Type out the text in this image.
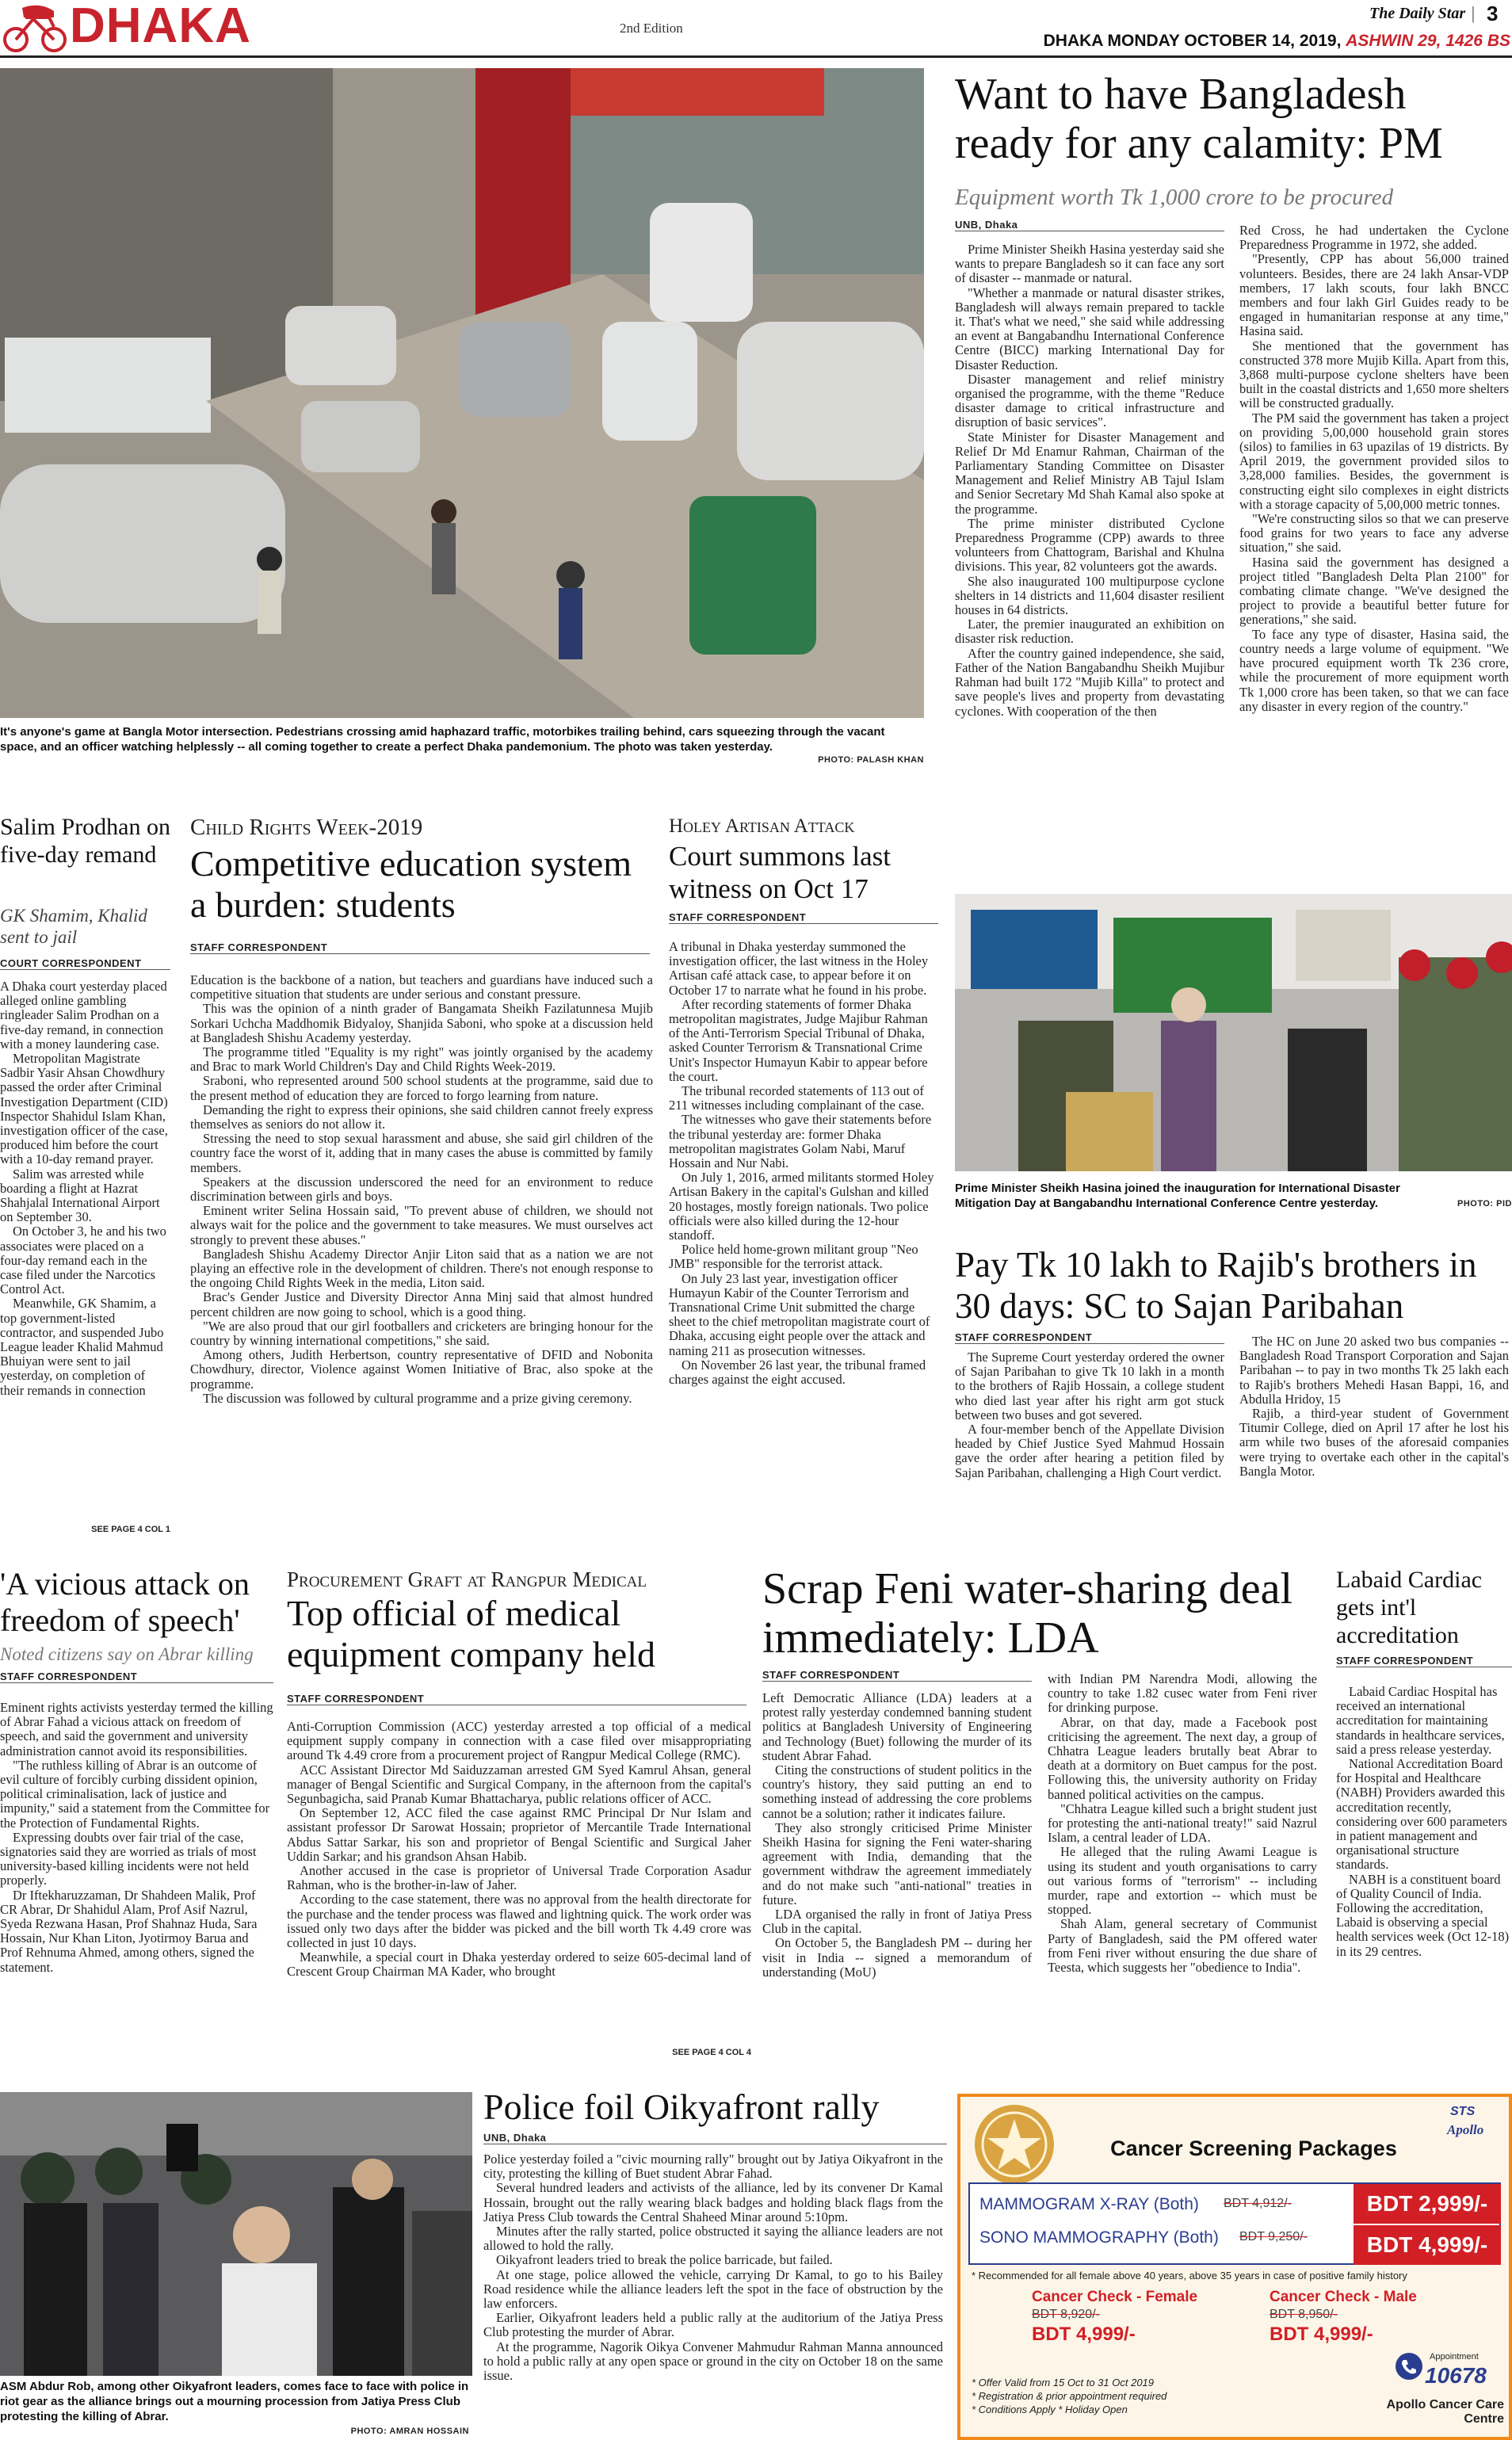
DHAKA	2nd Edition
The Daily Star | 3
DHAKA MONDAY OCTOBER 14, 2019, ASHWIN 29, 1426 BS
It's anyone's game at Bangla Motor intersection. Pedestrians crossing amid haphazard traffic, motorbikes trailing behind, cars squeezing through the vacant space, and an officer watching helplessly -- all coming together to create a perfect Dhaka pandemonium. The photo was taken yesterday.
PHOTO: PALASH KHAN
Want to have Bangladesh ready for any calamity: PM
Equipment worth Tk 1,000 crore to be procured
UNB, Dhaka

Prime Minister Sheikh Hasina yesterday said she wants to prepare Bangladesh so it can face any sort of disaster -- manmade or natural.

"Whether a manmade or natural disaster strikes, Bangladesh will always remain prepared to tackle it. That's what we need," she said while addressing an event at Bangabandhu International Conference Centre (BICC) marking International Day for Disaster Reduction.

Disaster management and relief ministry organised the programme, with the theme "Reduce disaster damage to critical infrastructure and disruption of basic services".

State Minister for Disaster Management and Relief Dr Md Enamur Rahman, Chairman of the Parliamentary Standing Committee on Disaster Management and Relief Ministry AB Tajul Islam and Senior Secretary Md Shah Kamal also spoke at the programme.

The prime minister distributed Cyclone Preparedness Programme (CPP) awards to three volunteers from Chattogram, Barishal and Khulna divisions. This year, 82 volunteers got the awards.

She also inaugurated 100 multipurpose cyclone shelters in 14 districts and 11,604 disaster resilient houses in 64 districts.

Later, the premier inaugurated an exhibition on disaster risk reduction.

After the country gained independence, she said, Father of the Nation Bangabandhu Sheikh Mujibur Rahman had built 172 "Mujib Killa" to protect and save people's lives and property from devastating cyclones. With cooperation of the then

Red Cross, he had undertaken the Cyclone Preparedness Programme in 1972, she added.

"Presently, CPP has about 56,000 trained volunteers. Besides, there are 24 lakh Ansar-VDP members, 17 lakh scouts, four lakh BNCC members and four lakh Girl Guides ready to be engaged in humanitarian response at any time," Hasina said.

She mentioned that the government has constructed 378 more Mujib Killa. Apart from this, 3,868 multi-purpose cyclone shelters have been built in the coastal districts and 1,650 more shelters will be constructed gradually.

The PM said the government has taken a project on providing 5,00,000 household grain stores (silos) to families in 63 upazilas of 19 districts. By April 2019, the government provided silos to 3,28,000 families. Besides, the government is constructing eight silo complexes in eight districts with a storage capacity of 5,00,000 metric tonnes.

"We're constructing silos so that we can preserve food grains for two years to face any adverse situation," she said.

Hasina said the government has designed a project titled "Bangladesh Delta Plan 2100" for combating climate change. "We've designed the project to provide a beautiful better future for generations," she said.

To face any type of disaster, Hasina said, the country needs a large volume of equipment. "We have procured equipment worth Tk 236 crore, while the procurement of more equipment worth Tk 1,000 crore has been taken, so that we can face any disaster in every region of the country."

Prime Minister Sheikh Hasina joined the inauguration for International Disaster Mitigation Day at Bangabandhu International Conference Centre yesterday.	PHOTO: PID
Pay Tk 10 lakh to Rajib's brothers in 30 days: SC to Sajan Paribahan
STAFF CORRESPONDENT

The Supreme Court yesterday ordered the owner of Sajan Paribahan to give Tk 10 lakh in a month to the brothers of Rajib Hossain, a college student who died last year after his right arm got stuck between two buses and got severed.

A four-member bench of the Appellate Division headed by Chief Justice Syed Mahmud Hossain gave the order after hearing a petition filed by Sajan Paribahan, challenging a High Court verdict.

The HC on June 20 asked two bus companies -- Bangladesh Road Transport Corporation and Sajan Paribahan -- to pay in two months Tk 25 lakh each to Rajib's brothers Mehedi Hasan Bappi, 16, and Abdulla Hridoy, 15

Rajib, a third-year student of Government Titumir College, died on April 17 after he lost his arm while two buses of the aforesaid companies were trying to overtake each other in the capital's Bangla Motor.

Salim Prodhan on five-day remand
GK Shamim, Khalid sent to jail
COURT CORRESPONDENT

A Dhaka court yesterday placed alleged online gambling ringleader Salim Prodhan on a five-day remand, in connection with a money laundering case.

Metropolitan Magistrate Sadbir Yasir Ahsan Chowdhury passed the order after Criminal Investigation Department (CID) Inspector Shahidul Islam Khan, investigation officer of the case, produced him before the court with a 10-day remand prayer.

Salim was arrested while boarding a flight at Hazrat Shahjalal International Airport on September 30.

On October 3, he and his two associates were placed on a four-day remand each in the case filed under the Narcotics Control Act.

Meanwhile, GK Shamim, a top government-listed contractor, and suspended Jubo League leader Khalid Mahmud Bhuiyan were sent to jail yesterday, on completion of their remands in connection

SEE PAGE 4 COL 1
Child Rights Week-2019
Competitive education system a burden: students
STAFF CORRESPONDENT

Education is the backbone of a nation, but teachers and guardians have induced such a competitive situation that students are under serious and constant pressure.

This was the opinion of a ninth grader of Bangamata Sheikh Fazilatunnesa Mujib Sorkari Uchcha Maddhomik Bidyaloy, Shanjida Saboni, who spoke at a discussion held at Bangladesh Shishu Academy yesterday.

The programme titled "Equality is my right" was jointly organised by the academy and Brac to mark World Children's Day and Child Rights Week-2019.

Sraboni, who represented around 500 school students at the programme, said due to the present method of education they are forced to forgo learning from nature.

Demanding the right to express their opinions, she said children cannot freely express themselves as seniors do not allow it.

Stressing the need to stop sexual harassment and abuse, she said girl children of the country face the worst of it, adding that in many cases the abuse is committed by family members.

Speakers at the discussion underscored the need for an environment to reduce discrimination between girls and boys.

Eminent writer Selina Hossain said, "To prevent abuse of children, we should not always wait for the police and the government to take measures. We must ourselves act strongly to prevent these abuses."

Bangladesh Shishu Academy Director Anjir Liton said that as a nation we are not playing an effective role in the development of children. There's not enough response to the ongoing Child Rights Week in the media, Liton said.

Brac's Gender Justice and Diversity Director Anna Minj said that almost hundred percent children are now going to school, which is a good thing.

"We are also proud that our girl footballers and cricketers are bringing honour for the country by winning international competitions," she said.

Among others, Judith Herbertson, country representative of DFID and Nobonita Chowdhury, director, Violence against Women Initiative of Brac, also spoke at the programme.

The discussion was followed by cultural programme and a prize giving ceremony.

Holey Artisan Attack
Court summons last witness on Oct 17
STAFF CORRESPONDENT

A tribunal in Dhaka yesterday summoned the investigation officer, the last witness in the Holey Artisan café attack case, to appear before it on October 17 to narrate what he found in his probe.

After recording statements of former Dhaka metropolitan magistrates, Judge Majibur Rahman of the Anti-Terrorism Special Tribunal of Dhaka, asked Counter Terrorism & Transnational Crime Unit's Inspector Humayun Kabir to appear before the court.

The tribunal recorded statements of 113 out of 211 witnesses including complainant of the case.

The witnesses who gave their statements before the tribunal yesterday are: former Dhaka metropolitan magistrates Golam Nabi, Maruf Hossain and Nur Nabi.

On July 1, 2016, armed militants stormed Holey Artisan Bakery in the capital's Gulshan and killed 20 hostages, mostly foreign nationals. Two police officials were also killed during the 12-hour standoff.

Police held home-grown militant group "Neo JMB" responsible for the terrorist attack.

On July 23 last year, investigation officer Humayun Kabir of the Counter Terrorism and Transnational Crime Unit submitted the charge sheet to the chief metropolitan magistrate court of Dhaka, accusing eight people over the attack and naming 211 as prosecution witnesses.

On November 26 last year, the tribunal framed charges against the eight accused.

'A vicious attack on freedom of speech'
Noted citizens say on Abrar killing
STAFF CORRESPONDENT

Eminent rights activists yesterday termed the killing of Abrar Fahad a vicious attack on freedom of speech, and said the government and university administration cannot avoid its responsibilities.

"The ruthless killing of Abrar is an outcome of evil culture of forcibly curbing dissident opinion, political criminalisation, lack of justice and impunity," said a statement from the Committee for the Protection of Fundamental Rights.

Expressing doubts over fair trial of the case, signatories said they are worried as trials of most university-based killing incidents were not held properly.

Dr Iftekharuzzaman, Dr Shahdeen Malik, Prof CR Abrar, Dr Shahidul Alam, Prof Asif Nazrul, Syeda Rezwana Hasan, Prof Shahnaz Huda, Sara Hossain, Nur Khan Liton, Jyotirmoy Barua and Prof Rehnuma Ahmed, among others, signed the statement.

Procurement Graft at Rangpur Medical
Top official of medical equipment company held
STAFF CORRESPONDENT

Anti-Corruption Commission (ACC) yesterday arrested a top official of a medical equipment supply company in connection with a case filed over misappropriating around Tk 4.49 crore from a procurement project of Rangpur Medical College (RMC).

ACC Assistant Director Md Saiduzzaman arrested GM Syed Kamrul Ahsan, general manager of Bengal Scientific and Surgical Company, in the afternoon from the capital's Segunbagicha, said Pranab Kumar Bhattacharya, public relations officer of ACC.

On September 12, ACC filed the case against RMC Principal Dr Nur Islam and assistant professor Dr Sarowat Hossain; proprietor of Mercantile Trade International Abdus Sattar Sarkar, his son and proprietor of Bengal Scientific and Surgical Jaher Uddin Sarkar; and his grandson Ahsan Habib.

Another accused in the case is proprietor of Universal Trade Corporation Asadur Rahman, who is the brother-in-law of Jaher.

According to the case statement, there was no approval from the health directorate for the purchase and the tender process was flawed and lightning quick. The work order was issued only two days after the bidder was picked and the bill worth Tk 4.49 crore was collected in just 10 days.

Meanwhile, a special court in Dhaka yesterday ordered to seize 605-decimal land of Crescent Group Chairman MA Kader, who brought

SEE PAGE 4 COL 4
Scrap Feni water-sharing deal immediately: LDA
STAFF CORRESPONDENT

Left Democratic Alliance (LDA) leaders at a protest rally yesterday condemned banning student politics at Bangladesh University of Engineering and Technology (Buet) following the murder of its student Abrar Fahad.

Citing the constructions of student politics in the country's history, they said putting an end to something instead of addressing the core problems cannot be a solution; rather it indicates failure.

They also strongly criticised Prime Minister Sheikh Hasina for signing the Feni water-sharing agreement with India, demanding that the government withdraw the agreement immediately and do not make such "anti-national" treaties in future.

LDA organised the rally in front of Jatiya Press Club in the capital.

On October 5, the Bangladesh PM -- during her visit in India -- signed a memorandum of understanding (MoU)

with Indian PM Narendra Modi, allowing the country to take 1.82 cusec water from Feni river for drinking purpose.

Abrar, on that day, made a Facebook post criticising the agreement. The next day, a group of Chhatra League leaders brutally beat Abrar to death at a dormitory on Buet campus for the post. Following this, the university authority on Friday banned political activities on the campus.

"Chhatra League killed such a bright student just for protesting the anti-national treaty!" said Nazrul Islam, a central leader of LDA.

He alleged that the ruling Awami League is using its student and youth organisations to carry out various forms of "terrorism" -- including murder, rape and extortion -- which must be stopped.

Shah Alam, general secretary of Communist Party of Bangladesh, said the PM offered water from Feni river without ensuring the due share of Teesta, which suggests her "obedience to India".

Labaid Cardiac gets int'l accreditation
STAFF CORRESPONDENT

Labaid Cardiac Hospital has received an international accreditation for maintaining standards in healthcare services, said a press release yesterday.

National Accreditation Board for Hospital and Healthcare (NABH) Providers awarded this accreditation recently, considering over 600 parameters in patient management and organisational structure standards.

NABH is a constituent board of Quality Council of India. Following the accreditation, Labaid is observing a special health services week (Oct 12-18) in its 29 centres.

ASM Abdur Rob, among other Oikyafront leaders, comes face to face with police in riot gear as the alliance brings out a mourning procession from Jatiya Press Club protesting the killing of Abrar.
PHOTO: AMRAN HOSSAIN
Police foil Oikyafront rally
UNB, Dhaka

Police yesterday foiled a "civic mourning rally" brought out by Jatiya Oikyafront in the city, protesting the killing of Buet student Abrar Fahad.

Several hundred leaders and activists of the alliance, led by its convener Dr Kamal Hossain, brought out the rally wearing black badges and holding black flags from the Jatiya Press Club towards the Central Shaheed Minar around 5:10pm.

Minutes after the rally started, police obstructed it saying the alliance leaders are not allowed to hold the rally.

Oikyafront leaders tried to break the police barricade, but failed.

At one stage, police allowed the vehicle, carrying Dr Kamal, to go to his Bailey Road residence while the alliance leaders left the spot in the face of obstruction by the law enforcers.

Earlier, Oikyafront leaders held a public rally at the auditorium of the Jatiya Press Club protesting the murder of Abrar.

At the programme, Nagorik Oikya Convener Mahmudur Rahman Manna announced to hold a public rally at any open space or ground in the city on October 18 on the same issue.

STS
Apollo
Cancer Screening Packages
MAMMOGRAM X-RAY (Both) BDT 4,912/-
SONO MAMMOGRAPHY (Both) BDT 9,250/-
BDT 2,999/-
BDT 4,999/-
* Recommended for all female above 40 years, above 35 years in case of positive family history
Cancer Check - Female
BDT 8,920/-
BDT 4,999/-
Cancer Check - Male
BDT 8,950/-
BDT 4,999/-
* Offer Valid from 15 Oct to 31 Oct 2019
* Registration & prior appointment required
* Conditions Apply * Holiday Open
Appointment
10678
Apollo Cancer Care Centre
